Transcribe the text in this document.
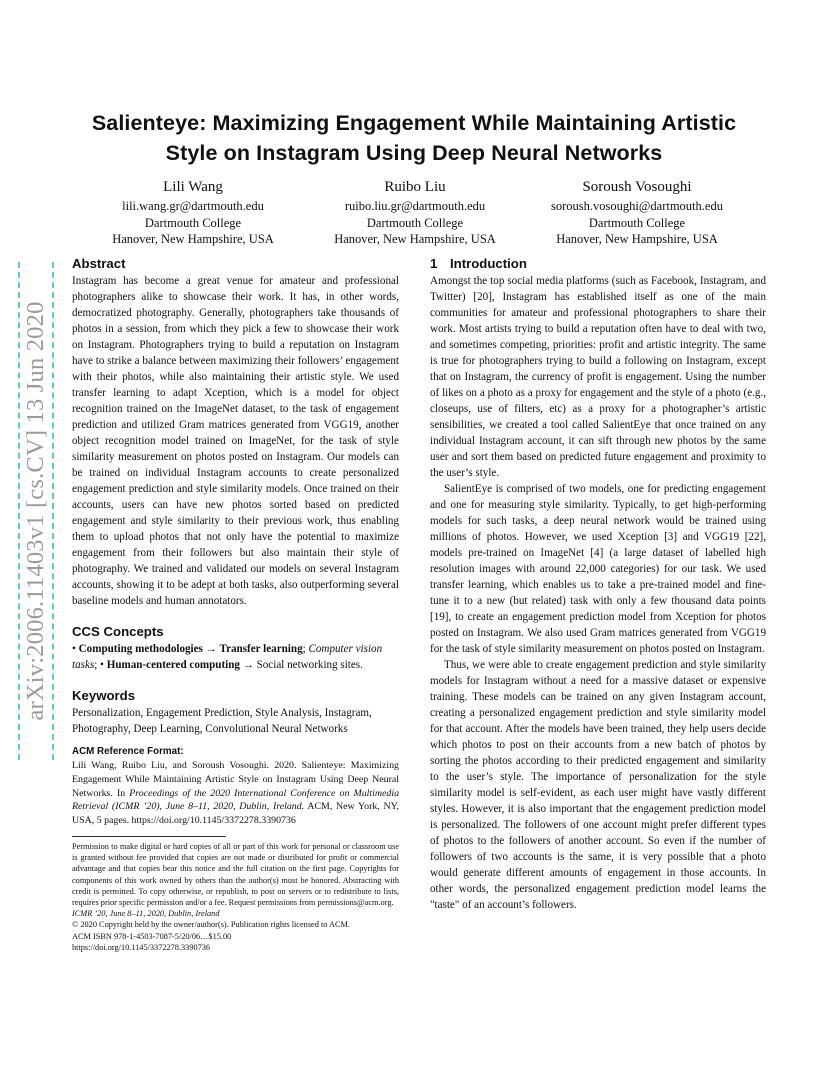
Salienteye: Maximizing Engagement While Maintaining Artistic
Style on Instagram Using Deep Neural Networks
Lili Wang
lili.wang.gr@dartmouth.edu
Dartmouth College
Hanover, New Hampshire, USA
Ruibo Liu
ruibo.liu.gr@dartmouth.edu
Dartmouth College
Hanover, New Hampshire, USA
Soroush Vosoughi
soroush.vosoughi@dartmouth.edu
Dartmouth College
Hanover, New Hampshire, USA
arXiv:2006.11403v1 [cs.CV] 13 Jun 2020
Abstract

Instagram has become a great venue for amateur and professional photographers alike to showcase their work. It has, in other words, democratized photography. Generally, photographers take thousands of photos in a session, from which they pick a few to showcase their work on Instagram. Photographers trying to build a reputation on Instagram have to strike a balance between maximizing their followers’ engagement with their photos, while also maintaining their artistic style. We used transfer learning to adapt Xception, which is a model for object recognition trained on the ImageNet dataset, to the task of engagement prediction and utilized Gram matrices generated from VGG19, another object recognition model trained on ImageNet, for the task of style similarity measurement on photos posted on Instagram. Our models can be trained on individual Instagram accounts to create personalized engagement prediction and style similarity models. Once trained on their accounts, users can have new photos sorted based on predicted engagement and style similarity to their previous work, thus enabling them to upload photos that not only have the potential to maximize engagement from their followers but also maintain their style of photography. We trained and validated our models on several Instagram accounts, showing it to be adept at both tasks, also outperforming several baseline models and human annotators.

CCS Concepts

• Computing methodologies → Transfer learning; Computer vision tasks; • Human-centered computing → Social networking sites.

Keywords

Personalization, Engagement Prediction, Style Analysis, Instagram, Photography, Deep Learning, Convolutional Neural Networks

ACM Reference Format:

Lili Wang, Ruibo Liu, and Soroush Vosoughi. 2020. Salienteye: Maximizing Engagement While Maintaining Artistic Style on Instagram Using Deep Neural Networks. In Proceedings of the 2020 International Conference on Multimedia Retrieval (ICMR ’20), June 8–11, 2020, Dublin, Ireland. ACM, New York, NY, USA, 5 pages. https://doi.org/10.1145/3372278.3390736

Permission to make digital or hard copies of all or part of this work for personal or classroom use is granted without fee provided that copies are not made or distributed for profit or commercial advantage and that copies bear this notice and the full citation on the first page. Copyrights for components of this work owned by others than the author(s) must be honored. Abstracting with credit is permitted. To copy otherwise, or republish, to post on servers or to redistribute to lists, requires prior specific permission and/or a fee. Request permissions from permissions@acm.org.
ICMR ’20, June 8–11, 2020, Dublin, Ireland
© 2020 Copyright held by the owner/author(s). Publication rights licensed to ACM.
ACM ISBN 978-1-4503-7087-5/20/06…$15.00
https://doi.org/10.1145/3372278.3390736
1 Introduction

Amongst the top social media platforms (such as Facebook, Instagram, and Twitter) [20], Instagram has established itself as one of the main communities for amateur and professional photographers to share their work. Most artists trying to build a reputation often have to deal with two, and sometimes competing, priorities: profit and artistic integrity. The same is true for photographers trying to build a following on Instagram, except that on Instagram, the currency of profit is engagement. Using the number of likes on a photo as a proxy for engagement and the style of a photo (e.g., closeups, use of filters, etc) as a proxy for a photographer’s artistic sensibilities, we created a tool called SalientEye that once trained on any individual Instagram account, it can sift through new photos by the same user and sort them based on predicted future engagement and proximity to the user’s style.

SalientEye is comprised of two models, one for predicting engagement and one for measuring style similarity. Typically, to get high-performing models for such tasks, a deep neural network would be trained using millions of photos. However, we used Xception [3] and VGG19 [22], models pre-trained on ImageNet [4] (a large dataset of labelled high resolution images with around 22,000 categories) for our task. We used transfer learning, which enables us to take a pre-trained model and fine-tune it to a new (but related) task with only a few thousand data points [19], to create an engagement prediction model from Xception for photos posted on Instagram. We also used Gram matrices generated from VGG19 for the task of style similarity measurement on photos posted on Instagram.

Thus, we were able to create engagement prediction and style similarity models for Instagram without a need for a massive dataset or expensive training. These models can be trained on any given Instagram account, creating a personalized engagement prediction and style similarity model for that account. After the models have been trained, they help users decide which photos to post on their accounts from a new batch of photos by sorting the photos according to their predicted engagement and similarity to the user’s style. The importance of personalization for the style similarity model is self-evident, as each user might have vastly different styles. However, it is also important that the engagement prediction model is personalized. The followers of one account might prefer different types of photos to the followers of another account. So even if the number of followers of two accounts is the same, it is very possible that a photo would generate different amounts of engagement in those accounts. In other words, the personalized engagement prediction model learns the "taste" of an account’s followers.
